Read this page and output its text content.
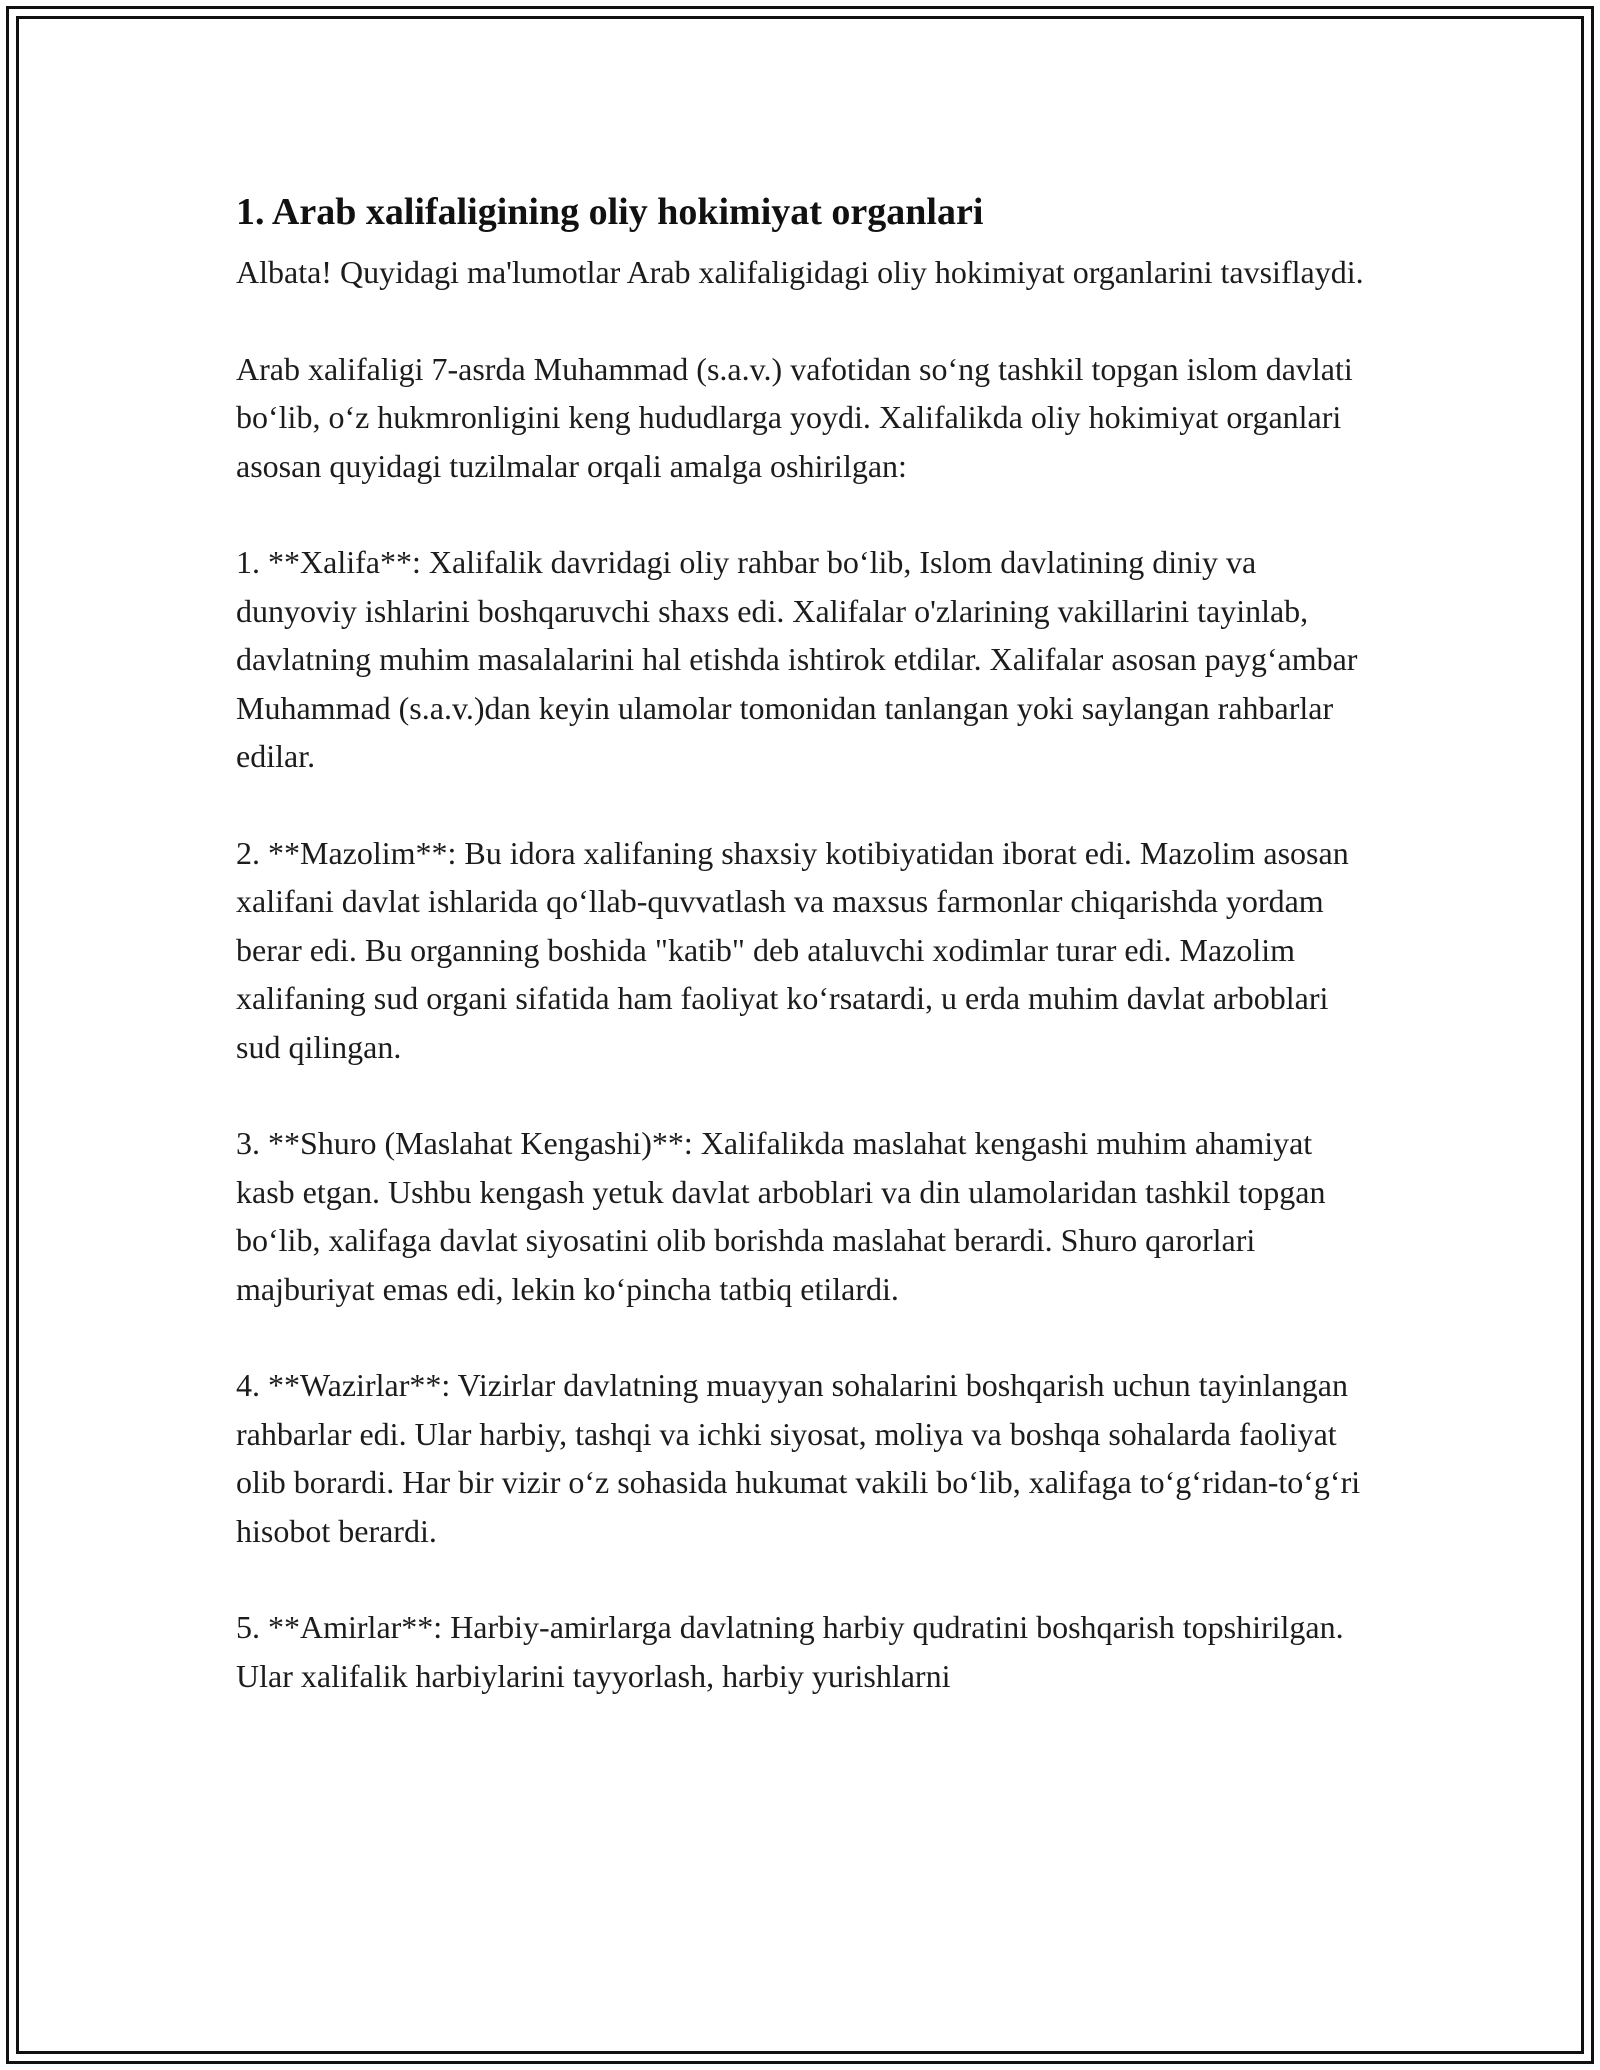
1. Arab xalifaligining oliy hokimiyat organlari

Albata! Quyidagi ma'lumotlar Arab xalifaligidagi oliy hokimiyat organlarini tavsiflaydi.

Arab xalifaligi 7-asrda Muhammad (s.a.v.) vafotidan so‘ng tashkil topgan islom davlati bo‘lib, o‘z hukmronligini keng hududlarga yoydi. Xalifalikda oliy hokimiyat organlari asosan quyidagi tuzilmalar orqali amalga oshirilgan:

1. **Xalifa**: Xalifalik davridagi oliy rahbar bo‘lib, Islom davlatining diniy va dunyoviy ishlarini boshqaruvchi shaxs edi. Xalifalar o'zlarining vakillarini tayinlab, davlatning muhim masalalarini hal etishda ishtirok etdilar. Xalifalar asosan payg‘ambar Muhammad (s.a.v.)dan keyin ulamolar tomonidan tanlangan yoki saylangan rahbarlar edilar.

2. **Mazolim**: Bu idora xalifaning shaxsiy kotibiyatidan iborat edi. Mazolim asosan xalifani davlat ishlarida qo‘llab-quvvatlash va maxsus farmonlar chiqarishda yordam berar edi. Bu organning boshida "katib" deb ataluvchi xodimlar turar edi. Mazolim xalifaning sud organi sifatida ham faoliyat ko‘rsatardi, u erda muhim davlat arboblari sud qilingan.

3. **Shuro (Maslahat Kengashi)**: Xalifalikda maslahat kengashi muhim ahamiyat kasb etgan. Ushbu kengash yetuk davlat arboblari va din ulamolaridan tashkil topgan bo‘lib, xalifaga davlat siyosatini olib borishda maslahat berardi. Shuro qarorlari majburiyat emas edi, lekin ko‘pincha tatbiq etilardi.

4. **Wazirlar**: Vizirlar davlatning muayyan sohalarini boshqarish uchun tayinlangan rahbarlar edi. Ular harbiy, tashqi va ichki siyosat, moliya va boshqa sohalarda faoliyat olib borardi. Har bir vizir o‘z sohasida hukumat vakili bo‘lib, xalifaga to‘g‘ridan-to‘g‘ri hisobot berardi.

5. **Amirlar**: Harbiy-amirlarga davlatning harbiy qudratini boshqarish topshirilgan. Ular xalifalik harbiylarini tayyorlash, harbiy yurishlarni
